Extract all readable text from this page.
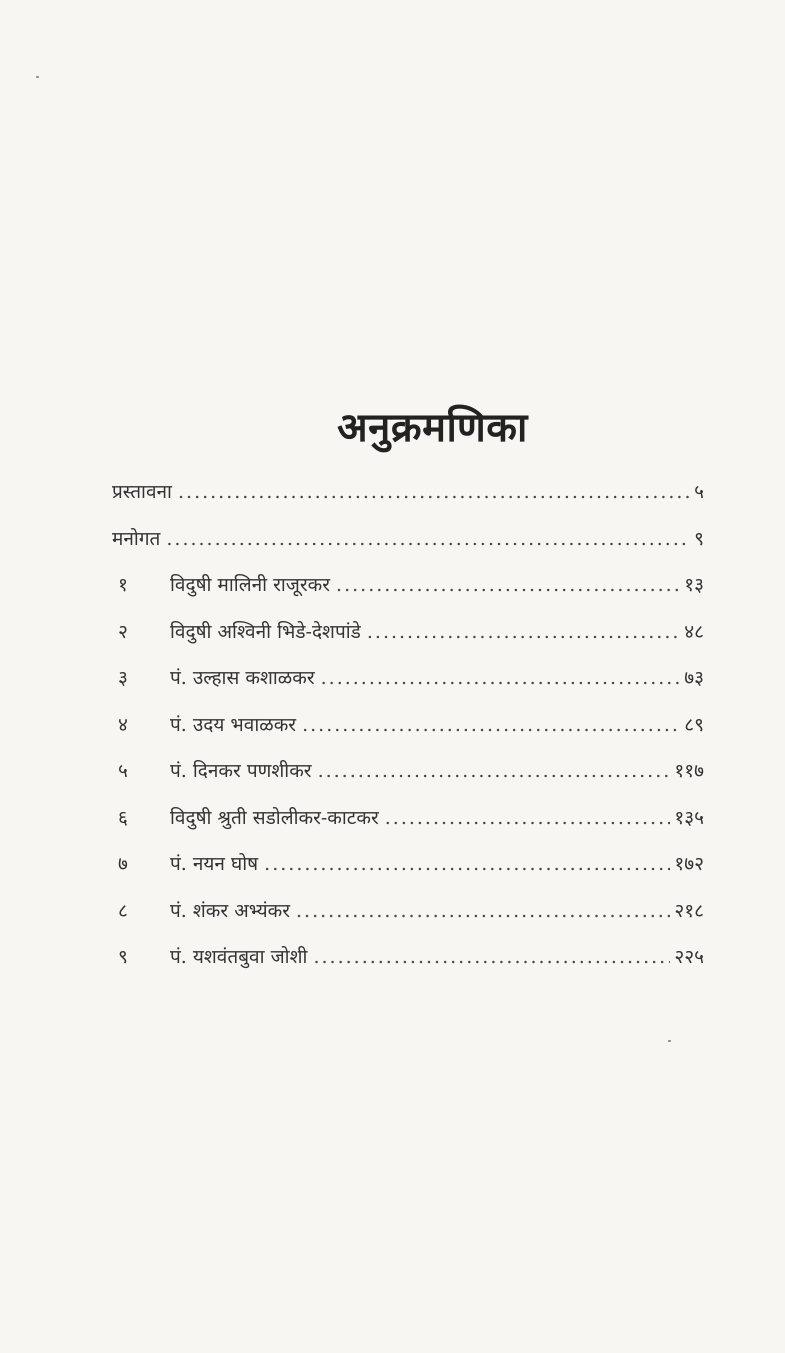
अनुक्रमणिका
प्रस्तावना .....	५
मनोगत .....	९
१	विदुषी मालिनी राजूरकर .....	१३
२	विदुषी अश्विनी भिडे-देशपांडे .....	४८
३	पं. उल्हास कशाळकर .....	७३
४	पं. उदय भवाळकर .....	८९
५	पं. दिनकर पणशीकर .....	११७
६	विदुषी श्रुती सडोलीकर-काटकर .....	१३५
७	पं. नयन घोष .....	१७२
८	पं. शंकर अभ्यंकर .....	२१८
९	पं. यशवंतबुवा जोशी .....	२२५
